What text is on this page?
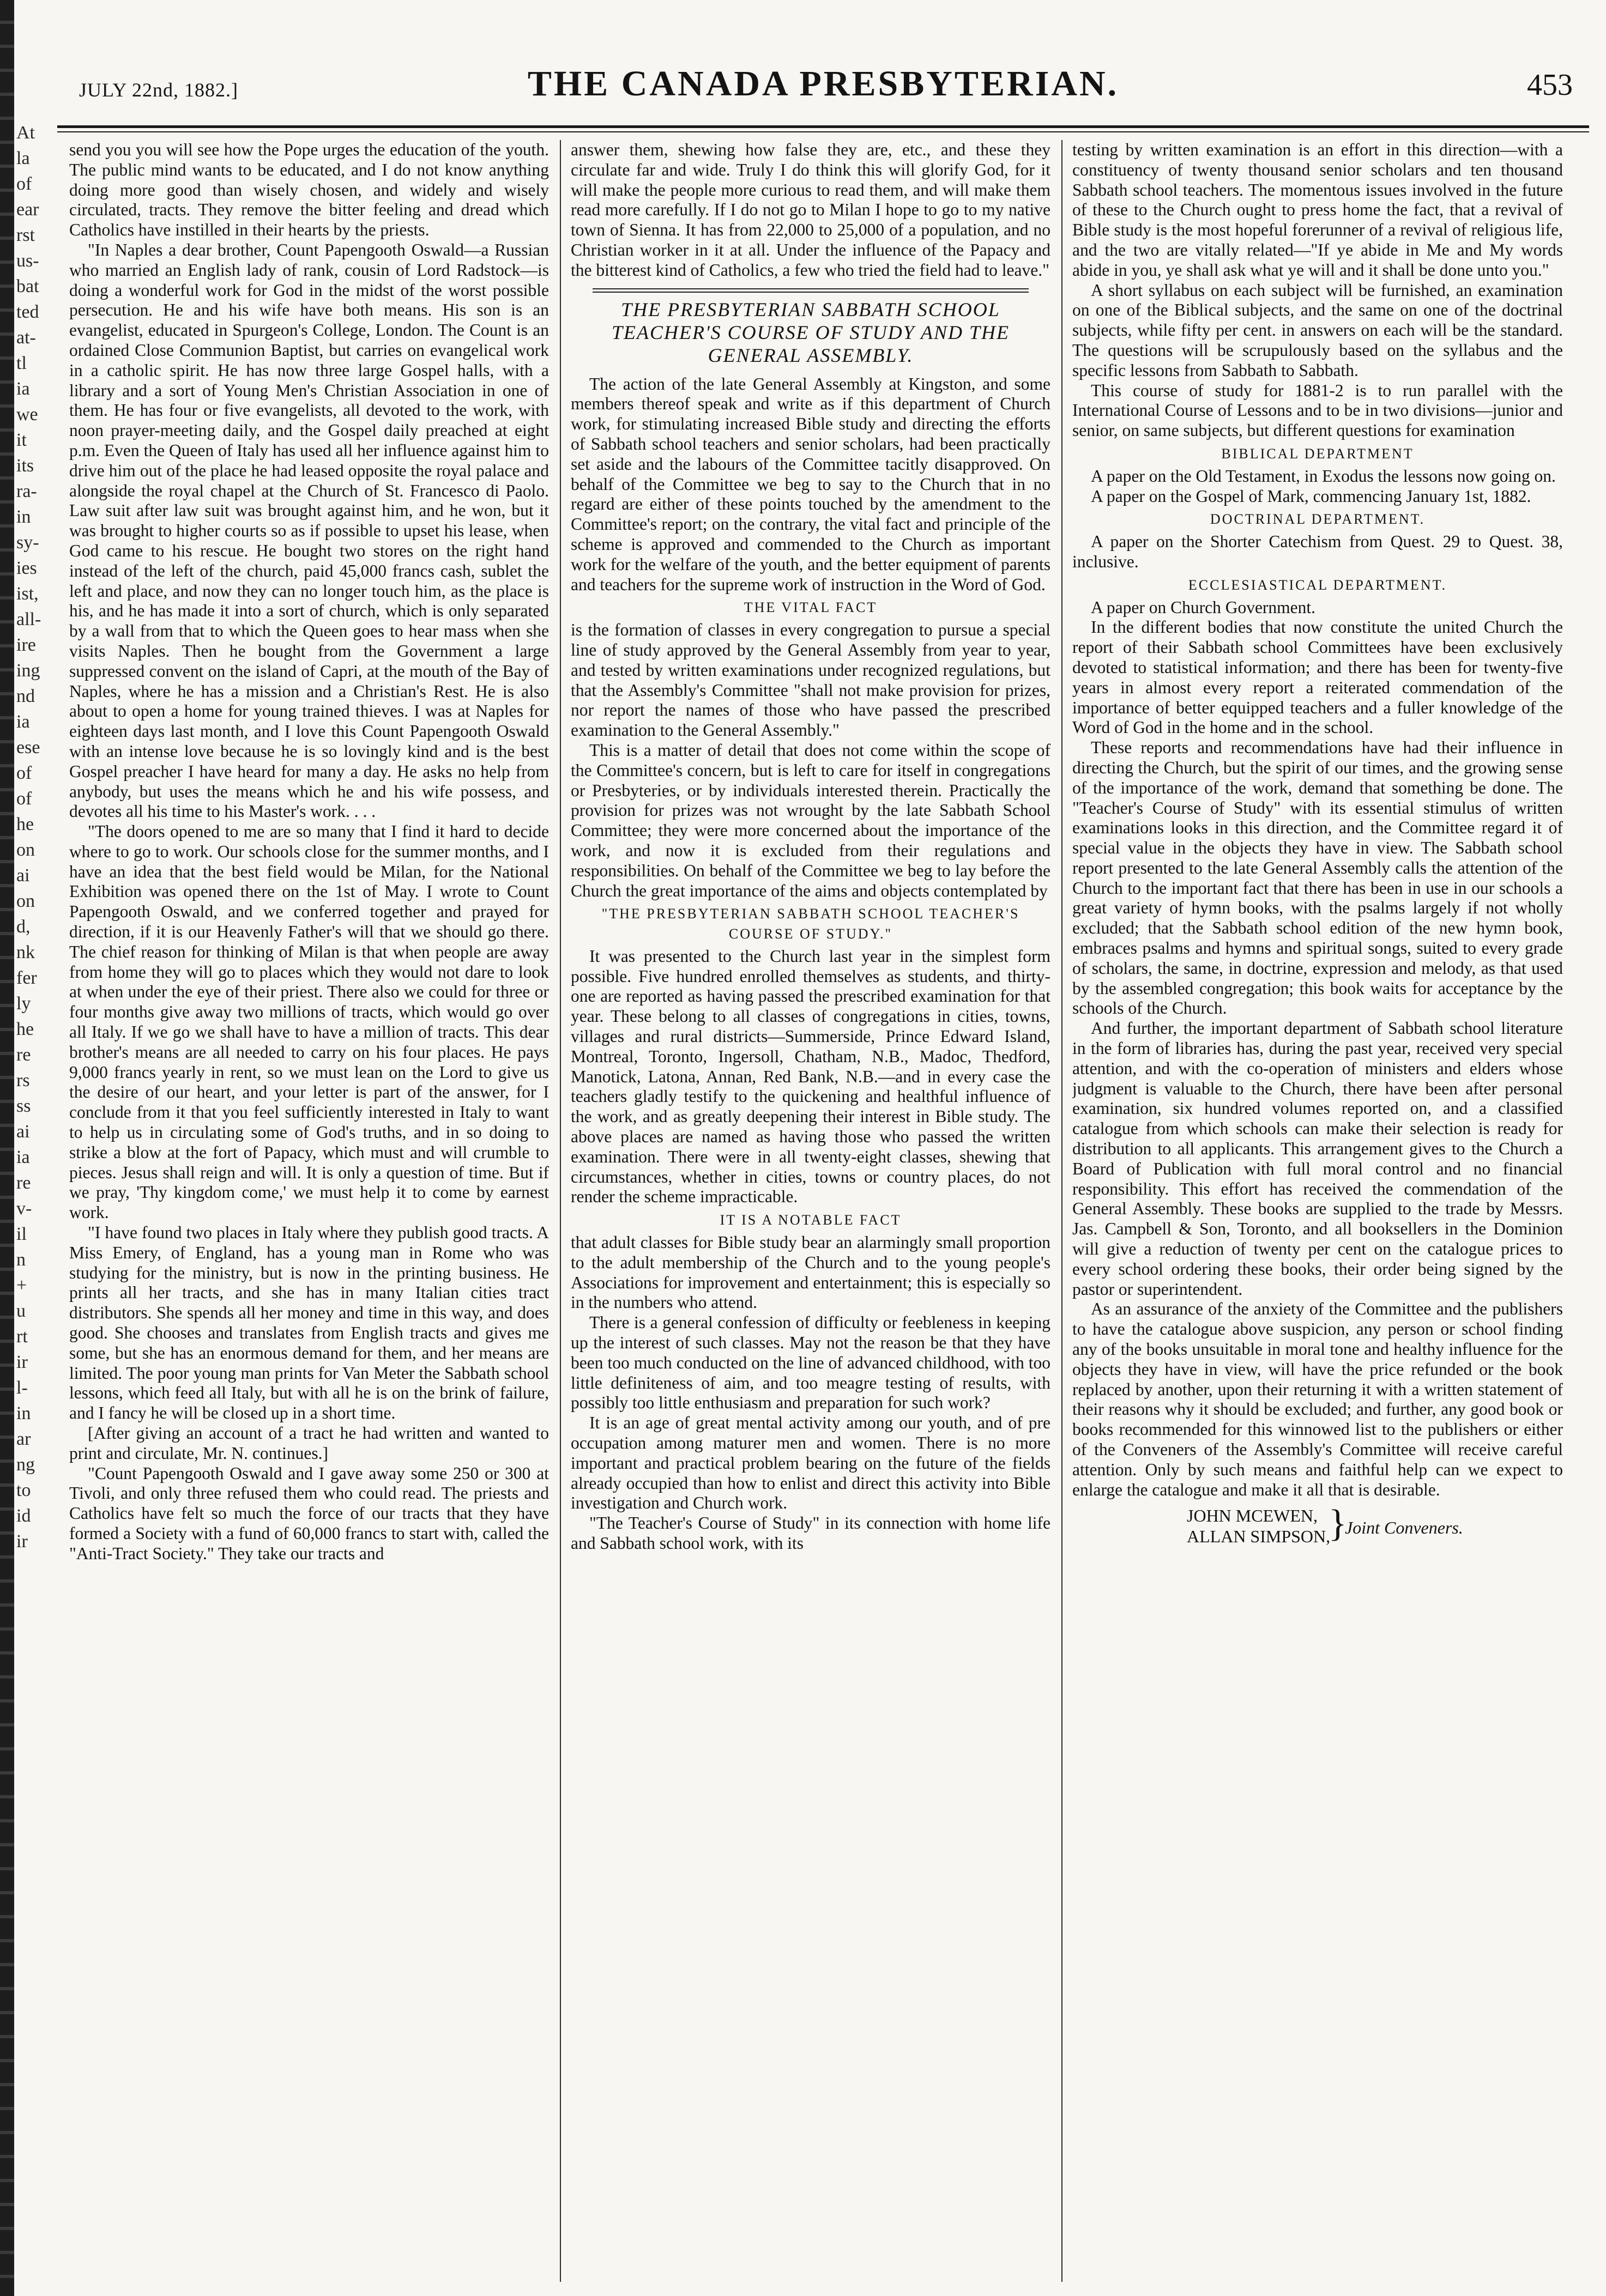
At
la
of
ear
rst
us-
bat
ted
at-
tl
ia
we
it
its
ra-
in
sy-
ies
ist,
all-
ire
ing
nd
ia
ese
of
of
he
on
ai
on
d,
nk
fer
ly
he
re
rs
ss
ai
ia
re
v-
il
n
+
u
rt
ir
l-
in
ar
ng
to
id
ir
JULY 22nd, 1882.]	THE CANADA PRESBYTERIAN.	453

send you you will see how the Pope urges the education of the youth. The public mind wants to be educated, and I do not know anything doing more good than wisely chosen, and widely and wisely circulated, tracts. They remove the bitter feeling and dread which Catholics have instilled in their hearts by the priests.

"In Naples a dear brother, Count Papengooth Oswald—a Russian who married an English lady of rank, cousin of Lord Radstock—is doing a wonderful work for God in the midst of the worst possible persecution. He and his wife have both means. His son is an evangelist, educated in Spurgeon's College, London. The Count is an ordained Close Communion Baptist, but carries on evangelical work in a catholic spirit. He has now three large Gospel halls, with a library and a sort of Young Men's Christian Association in one of them. He has four or five evangelists, all devoted to the work, with noon prayer-meeting daily, and the Gospel daily preached at eight p.m. Even the Queen of Italy has used all her influence against him to drive him out of the place he had leased opposite the royal palace and alongside the royal chapel at the Church of St. Francesco di Paolo. Law suit after law suit was brought against him, and he won, but it was brought to higher courts so as if possible to upset his lease, when God came to his rescue. He bought two stores on the right hand instead of the left of the church, paid 45,000 francs cash, sublet the left and place, and now they can no longer touch him, as the place is his, and he has made it into a sort of church, which is only separated by a wall from that to which the Queen goes to hear mass when she visits Naples. Then he bought from the Government a large suppressed convent on the island of Capri, at the mouth of the Bay of Naples, where he has a mission and a Christian's Rest. He is also about to open a home for young trained thieves. I was at Naples for eighteen days last month, and I love this Count Papengooth Oswald with an intense love because he is so lovingly kind and is the best Gospel preacher I have heard for many a day. He asks no help from anybody, but uses the means which he and his wife possess, and devotes all his time to his Master's work. . . .

"The doors opened to me are so many that I find it hard to decide where to go to work. Our schools close for the summer months, and I have an idea that the best field would be Milan, for the National Exhibition was opened there on the 1st of May. I wrote to Count Papengooth Oswald, and we conferred together and prayed for direction, if it is our Heavenly Father's will that we should go there. The chief reason for thinking of Milan is that when people are away from home they will go to places which they would not dare to look at when under the eye of their priest. There also we could for three or four months give away two millions of tracts, which would go over all Italy. If we go we shall have to have a million of tracts. This dear brother's means are all needed to carry on his four places. He pays 9,000 francs yearly in rent, so we must lean on the Lord to give us the desire of our heart, and your letter is part of the answer, for I conclude from it that you feel sufficiently interested in Italy to want to help us in circulating some of God's truths, and in so doing to strike a blow at the fort of Papacy, which must and will crumble to pieces. Jesus shall reign and will. It is only a question of time. But if we pray, 'Thy kingdom come,' we must help it to come by earnest work.

"I have found two places in Italy where they publish good tracts. A Miss Emery, of England, has a young man in Rome who was studying for the ministry, but is now in the printing business. He prints all her tracts, and she has in many Italian cities tract distributors. She spends all her money and time in this way, and does good. She chooses and translates from English tracts and gives me some, but she has an enormous demand for them, and her means are limited. The poor young man prints for Van Meter the Sabbath school lessons, which feed all Italy, but with all he is on the brink of failure, and I fancy he will be closed up in a short time.

[After giving an account of a tract he had written and wanted to print and circulate, Mr. N. continues.]

"Count Papengooth Oswald and I gave away some 250 or 300 at Tivoli, and only three refused them who could read. The priests and Catholics have felt so much the force of our tracts that they have formed a Society with a fund of 60,000 francs to start with, called the "Anti-Tract Society." They take our tracts and

answer them, shewing how false they are, etc., and these they circulate far and wide. Truly I do think this will glorify God, for it will make the people more curious to read them, and will make them read more carefully. If I do not go to Milan I hope to go to my native town of Sienna. It has from 22,000 to 25,000 of a population, and no Christian worker in it at all. Under the influence of the Papacy and the bitterest kind of Catholics, a few who tried the field had to leave."

THE PRESBYTERIAN SABBATH SCHOOL TEACHER'S COURSE OF STUDY AND THE GENERAL ASSEMBLY.

The action of the late General Assembly at Kingston, and some members thereof speak and write as if this department of Church work, for stimulating increased Bible study and directing the efforts of Sabbath school teachers and senior scholars, had been practically set aside and the labours of the Committee tacitly disapproved. On behalf of the Committee we beg to say to the Church that in no regard are either of these points touched by the amendment to the Committee's report; on the contrary, the vital fact and principle of the scheme is approved and commended to the Church as important work for the welfare of the youth, and the better equipment of parents and teachers for the supreme work of instruction in the Word of God.

THE VITAL FACT

is the formation of classes in every congregation to pursue a special line of study approved by the General Assembly from year to year, and tested by written examinations under recognized regulations, but that the Assembly's Committee "shall not make provision for prizes, nor report the names of those who have passed the prescribed examination to the General Assembly."

This is a matter of detail that does not come within the scope of the Committee's concern, but is left to care for itself in congregations or Presbyteries, or by individuals interested therein. Practically the provision for prizes was not wrought by the late Sabbath School Committee; they were more concerned about the importance of the work, and now it is excluded from their regulations and responsibilities. On behalf of the Committee we beg to lay before the Church the great importance of the aims and objects contemplated by

"THE PRESBYTERIAN SABBATH SCHOOL TEACHER'S COURSE OF STUDY."

It was presented to the Church last year in the simplest form possible. Five hundred enrolled themselves as students, and thirty-one are reported as having passed the prescribed examination for that year. These belong to all classes of congregations in cities, towns, villages and rural districts—Summerside, Prince Edward Island, Montreal, Toronto, Ingersoll, Chatham, N.B., Madoc, Thedford, Manotick, Latona, Annan, Red Bank, N.B.—and in every case the teachers gladly testify to the quickening and healthful influence of the work, and as greatly deepening their interest in Bible study. The above places are named as having those who passed the written examination. There were in all twenty-eight classes, shewing that circumstances, whether in cities, towns or country places, do not render the scheme impracticable.

IT IS A NOTABLE FACT

that adult classes for Bible study bear an alarmingly small proportion to the adult membership of the Church and to the young people's Associations for improvement and entertainment; this is especially so in the numbers who attend.

There is a general confession of difficulty or feebleness in keeping up the interest of such classes. May not the reason be that they have been too much conducted on the line of advanced childhood, with too little definiteness of aim, and too meagre testing of results, with possibly too little enthusiasm and preparation for such work?

It is an age of great mental activity among our youth, and of pre occupation among maturer men and women. There is no more important and practical problem bearing on the future of the fields already occupied than how to enlist and direct this activity into Bible investigation and Church work.

"The Teacher's Course of Study" in its connection with home life and Sabbath school work, with its

testing by written examination is an effort in this direction—with a constituency of twenty thousand senior scholars and ten thousand Sabbath school teachers. The momentous issues involved in the future of these to the Church ought to press home the fact, that a revival of Bible study is the most hopeful forerunner of a revival of religious life, and the two are vitally related—"If ye abide in Me and My words abide in you, ye shall ask what ye will and it shall be done unto you."

A short syllabus on each subject will be furnished, an examination on one of the Biblical subjects, and the same on one of the doctrinal subjects, while fifty per cent. in answers on each will be the standard. The questions will be scrupulously based on the syllabus and the specific lessons from Sabbath to Sabbath.

This course of study for 1881-2 is to run parallel with the International Course of Lessons and to be in two divisions—junior and senior, on same subjects, but different questions for examination

BIBLICAL DEPARTMENT

A paper on the Old Testament, in Exodus the lessons now going on.

A paper on the Gospel of Mark, commencing January 1st, 1882.

DOCTRINAL DEPARTMENT.

A paper on the Shorter Catechism from Quest. 29 to Quest. 38, inclusive.

ECCLESIASTICAL DEPARTMENT.

A paper on Church Government.

In the different bodies that now constitute the united Church the report of their Sabbath school Committees have been exclusively devoted to statistical information; and there has been for twenty-five years in almost every report a reiterated commendation of the importance of better equipped teachers and a fuller knowledge of the Word of God in the home and in the school.

These reports and recommendations have had their influence in directing the Church, but the spirit of our times, and the growing sense of the importance of the work, demand that something be done. The "Teacher's Course of Study" with its essential stimulus of written examinations looks in this direction, and the Committee regard it of special value in the objects they have in view. The Sabbath school report presented to the late General Assembly calls the attention of the Church to the important fact that there has been in use in our schools a great variety of hymn books, with the psalms largely if not wholly excluded; that the Sabbath school edition of the new hymn book, embraces psalms and hymns and spiritual songs, suited to every grade of scholars, the same, in doctrine, expression and melody, as that used by the assembled congregation; this book waits for acceptance by the schools of the Church.

And further, the important department of Sabbath school literature in the form of libraries has, during the past year, received very special attention, and with the co-operation of ministers and elders whose judgment is valuable to the Church, there have been after personal examination, six hundred volumes reported on, and a classified catalogue from which schools can make their selection is ready for distribution to all applicants. This arrangement gives to the Church a Board of Publication with full moral control and no financial responsibility. This effort has received the commendation of the General Assembly. These books are supplied to the trade by Messrs. Jas. Campbell & Son, Toronto, and all booksellers in the Dominion will give a reduction of twenty per cent on the catalogue prices to every school ordering these books, their order being signed by the pastor or superintendent.

As an assurance of the anxiety of the Committee and the publishers to have the catalogue above suspicion, any person or school finding any of the books unsuitable in moral tone and healthy influence for the objects they have in view, will have the price refunded or the book replaced by another, upon their returning it with a written statement of their reasons why it should be excluded; and further, any good book or books recommended for this winnowed list to the publishers or either of the Conveners of the Assembly's Committee will receive careful attention. Only by such means and faithful help can we expect to enlarge the catalogue and make it all that is desirable.

JOHN MCEWEN,
ALLAN SIMPSON,
}
Joint Conveners.
